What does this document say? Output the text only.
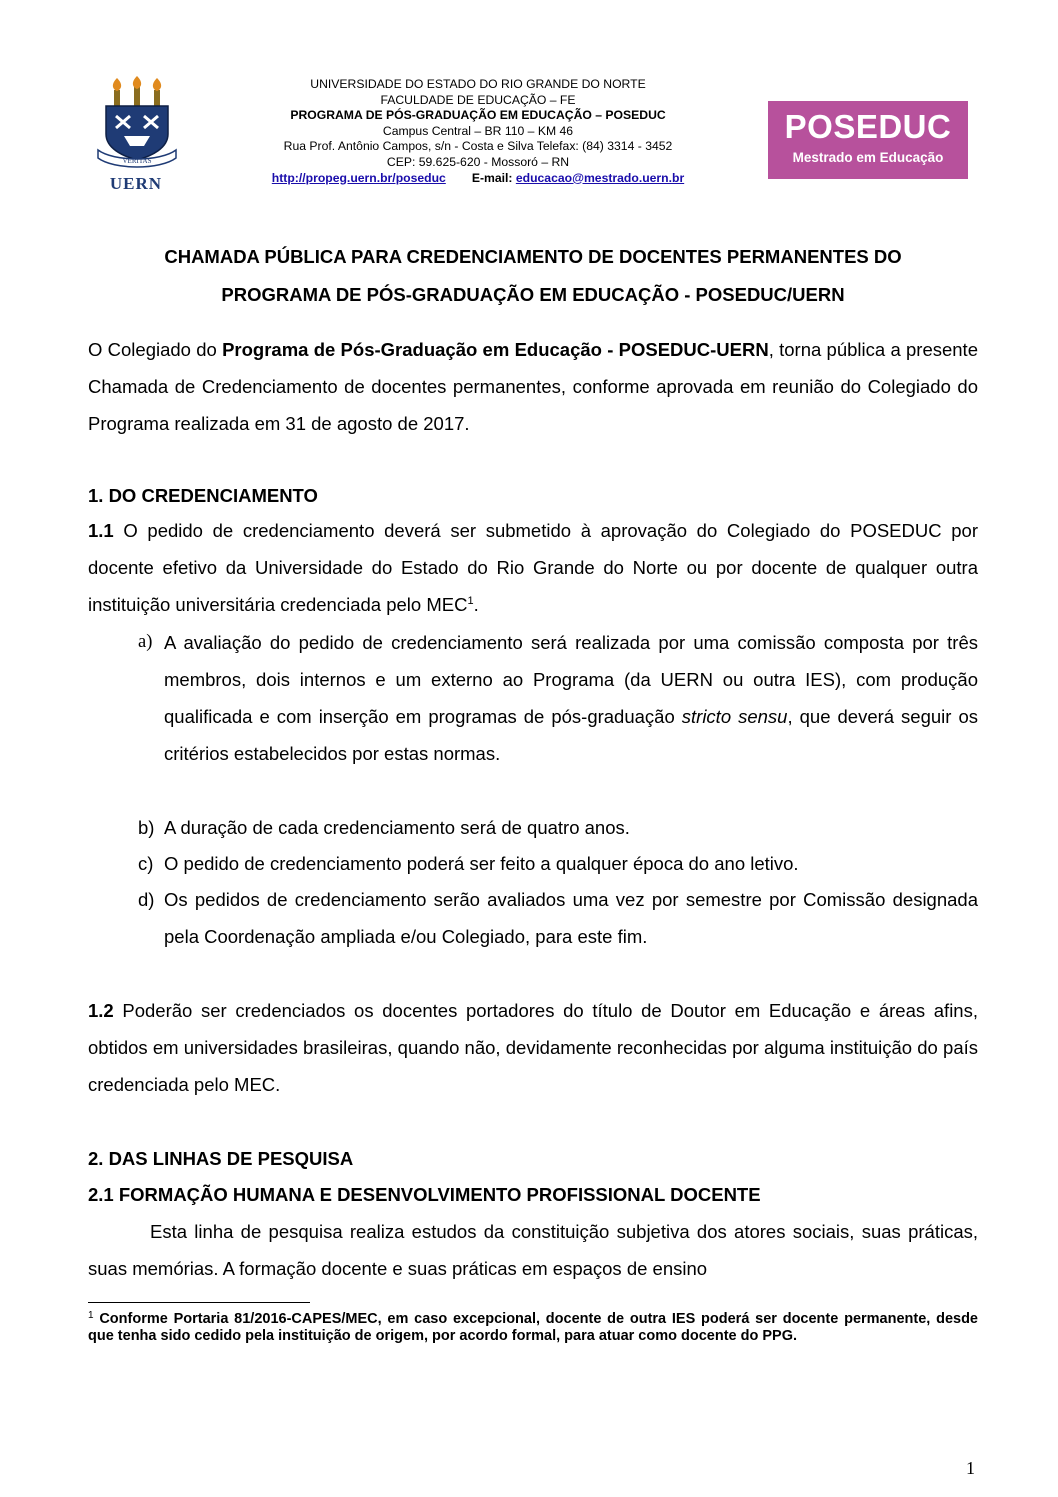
VERITAS
UERN
UNIVERSIDADE DO ESTADO DO RIO GRANDE DO NORTE
FACULDADE DE EDUCAÇÃO – FE
PROGRAMA DE PÓS-GRADUAÇÃO EM EDUCAÇÃO – POSEDUC
Campus Central – BR 110 – KM 46
Rua Prof. Antônio Campos, s/n - Costa e Silva Telefax: (84) 3314 - 3452
CEP: 59.625-620 - Mossoró – RN
http://propeg.uern.br/poseduc E-mail: educacao@mestrado.uern.br
POSEDUC
Mestrado em Educação
CHAMADA PÚBLICA PARA CREDENCIAMENTO DE DOCENTES PERMANENTES DO
PROGRAMA DE PÓS-GRADUAÇÃO EM EDUCAÇÃO - POSEDUC/UERN
O Colegiado do Programa de Pós-Graduação em Educação - POSEDUC-UERN, torna pública a presente Chamada de Credenciamento de docentes permanentes, conforme aprovada em reunião do Colegiado do Programa realizada em 31 de agosto de 2017.
1. DO CREDENCIAMENTO
1.1 O pedido de credenciamento deverá ser submetido à aprovação do Colegiado do POSEDUC por docente efetivo da Universidade do Estado do Rio Grande do Norte ou por docente de qualquer outra instituição universitária credenciada pelo MEC$^1$.
a) A avaliação do pedido de credenciamento será realizada por uma comissão composta por três membros, dois internos e um externo ao Programa (da UERN ou outra IES), com produção qualificada e com inserção em programas de pós-graduação stricto sensu, que deverá seguir os critérios estabelecidos por estas normas.
b) A duração de cada credenciamento será de quatro anos.
c) O pedido de credenciamento poderá ser feito a qualquer época do ano letivo.
d) Os pedidos de credenciamento serão avaliados uma vez por semestre por Comissão designada pela Coordenação ampliada e/ou Colegiado, para este fim.
1.2 Poderão ser credenciados os docentes portadores do título de Doutor em Educação e áreas afins, obtidos em universidades brasileiras, quando não, devidamente reconhecidas por alguma instituição do país credenciada pelo MEC.
2. DAS LINHAS DE PESQUISA
2.1 FORMAÇÃO HUMANA E DESENVOLVIMENTO PROFISSIONAL DOCENTE
Esta linha de pesquisa realiza estudos da constituição subjetiva dos atores sociais, suas práticas, suas memórias. A formação docente e suas práticas em espaços de ensino
$^1$ Conforme Portaria 81/2016-CAPES/MEC, em caso excepcional, docente de outra IES poderá ser docente permanente, desde que tenha sido cedido pela instituição de origem, por acordo formal, para atuar como docente do PPG.
1
